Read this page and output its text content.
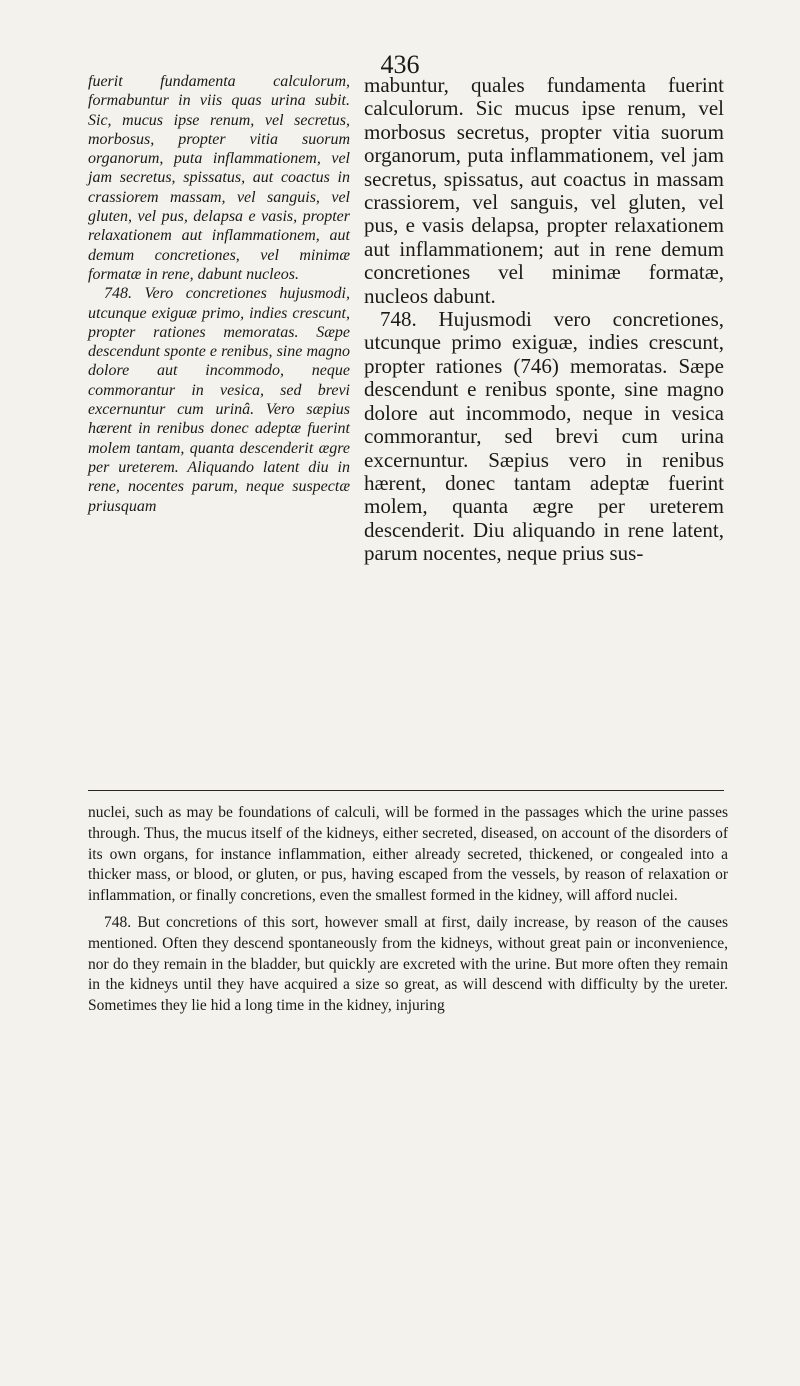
436

fuerit fundamenta calculorum, formabuntur in viis quas urina subit. Sic, mucus ipse renum, vel secretus, morbosus, propter vitia suorum organorum, puta inflammationem, vel jam secretus, spissatus, aut coactus in crassiorem massam, vel sanguis, vel gluten, vel pus, delapsa e vasis, propter relaxationem aut inflammationem, aut demum concretiones, vel minimæ formatæ in rene, dabunt nucleos.

748. Vero concretiones hujusmodi, utcunque exiguæ primo, indies crescunt, propter rationes memoratas. Sæpe descendunt sponte e renibus, sine magno dolore aut incommodo, neque commorantur in vesica, sed brevi excernuntur cum urinâ. Vero sæpius hærent in renibus donec adeptæ fuerint molem tantam, quanta descenderit ægre per ureterem. Aliquando latent diu in rene, nocentes parum, neque suspectæ priusquam

mabuntur, quales fundamenta fuerint calculorum. Sic mucus ipse renum, vel morbosus secretus, propter vitia suorum organorum, puta inflammationem, vel jam secretus, spissatus, aut coactus in massam crassiorem, vel sanguis, vel gluten, vel pus, e vasis delapsa, propter relaxationem aut inflammationem; aut in rene demum concretiones vel minimæ formatæ, nucleos dabunt.

748. Hujusmodi vero concretiones, utcunque primo exiguæ, indies crescunt, propter rationes (746) memoratas. Sæpe descendunt e renibus sponte, sine magno dolore aut incommodo, neque in vesica commorantur, sed brevi cum urina excernuntur. Sæpius vero in renibus hærent, donec tantam adeptæ fuerint molem, quanta ægre per ureterem descenderit. Diu aliquando in rene latent, parum nocentes, neque prius sus-

nuclei, such as may be foundations of calculi, will be formed in the passages which the urine passes through. Thus, the mucus itself of the kidneys, either secreted, diseased, on account of the disorders of its own organs, for instance inflammation, either already secreted, thickened, or congealed into a thicker mass, or blood, or gluten, or pus, having escaped from the vessels, by reason of relaxation or inflammation, or finally concretions, even the smallest formed in the kidney, will afford nuclei.

748. But concretions of this sort, however small at first, daily increase, by reason of the causes mentioned. Often they descend spontaneously from the kidneys, without great pain or inconvenience, nor do they remain in the bladder, but quickly are excreted with the urine. But more often they remain in the kidneys until they have acquired a size so great, as will descend with difficulty by the ureter. Sometimes they lie hid a long time in the kidney, injuring
